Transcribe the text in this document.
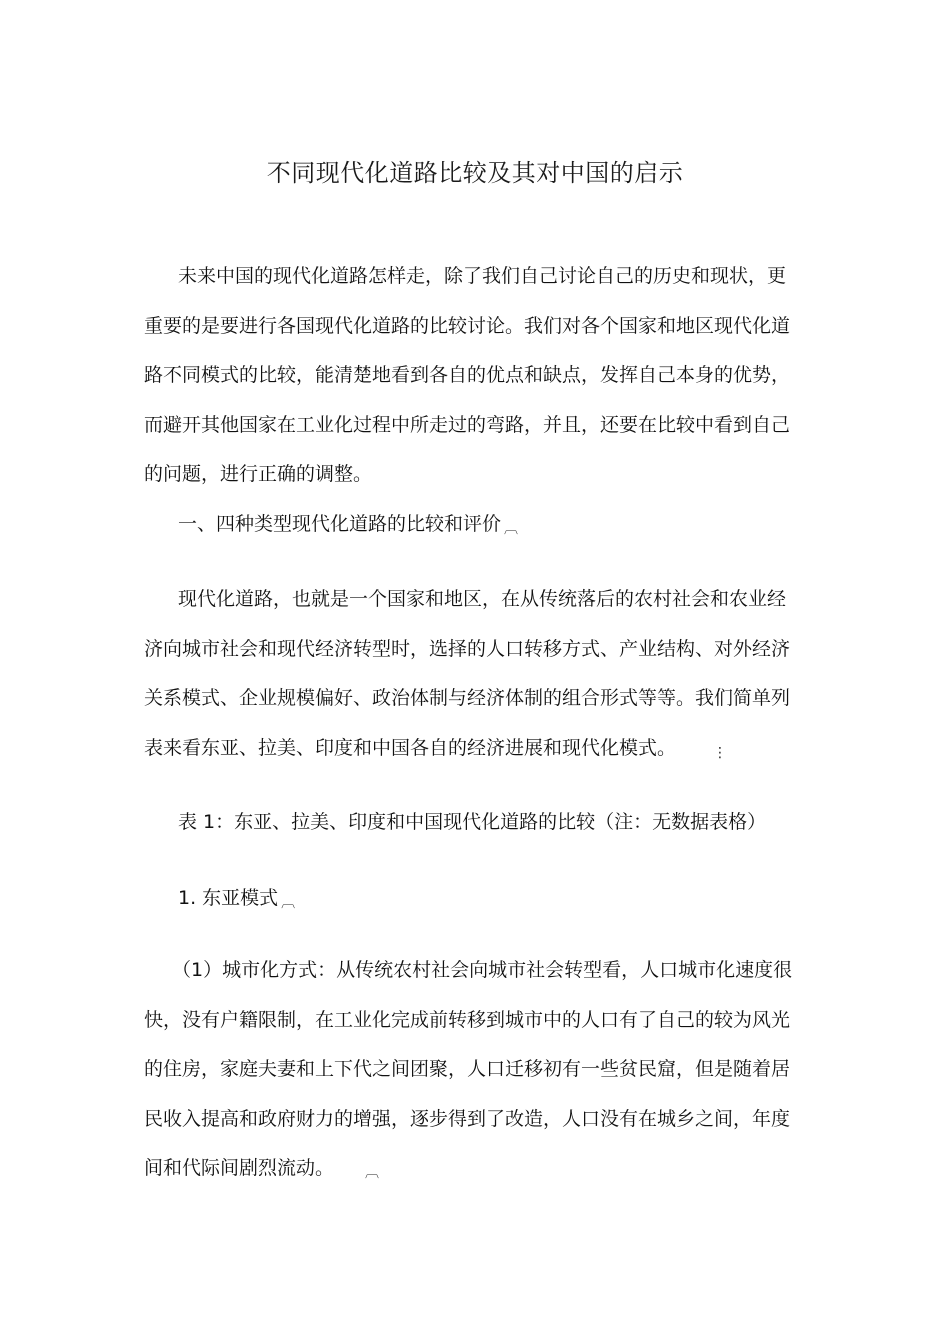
不同现代化道路比较及其对中国的启示

未来中国的现代化道路怎样走，除了我们自己讨论自己的历史和现状，更重要的是要进行各国现代化道路的比较讨论。我们对各个国家和地区现代化道路不同模式的比较，能清楚地看到各自的优点和缺点，发挥自己本身的优势，而避开其他国家在工业化过程中所走过的弯路，并且，还要在比较中看到自己的问题，进行正确的调整。

一、四种类型现代化道路的比较和评价 ︹

现代化道路，也就是一个国家和地区，在从传统落后的农村社会和农业经济向城市社会和现代经济转型时，选择的人口转移方式、产业结构、对外经济关系模式、企业规模偏好、政治体制与经济体制的组合形式等等。我们简单列表来看东亚、拉美、印度和中国各自的经济进展和现代化模式。	⋮

表 1：东亚、拉美、印度和中国现代化道路的比较（注：无数据表格）

1. 东亚模式 ︹

（1）城市化方式：从传统农村社会向城市社会转型看，人口城市化速度很快，没有户籍限制，在工业化完成前转移到城市中的人口有了自己的较为风光的住房，家庭夫妻和上下代之间团聚，人口迁移初有一些贫民窟，但是随着居民收入提高和政府财力的增强，逐步得到了改造，人口没有在城乡之间，年度间和代际间剧烈流动。 ︹
